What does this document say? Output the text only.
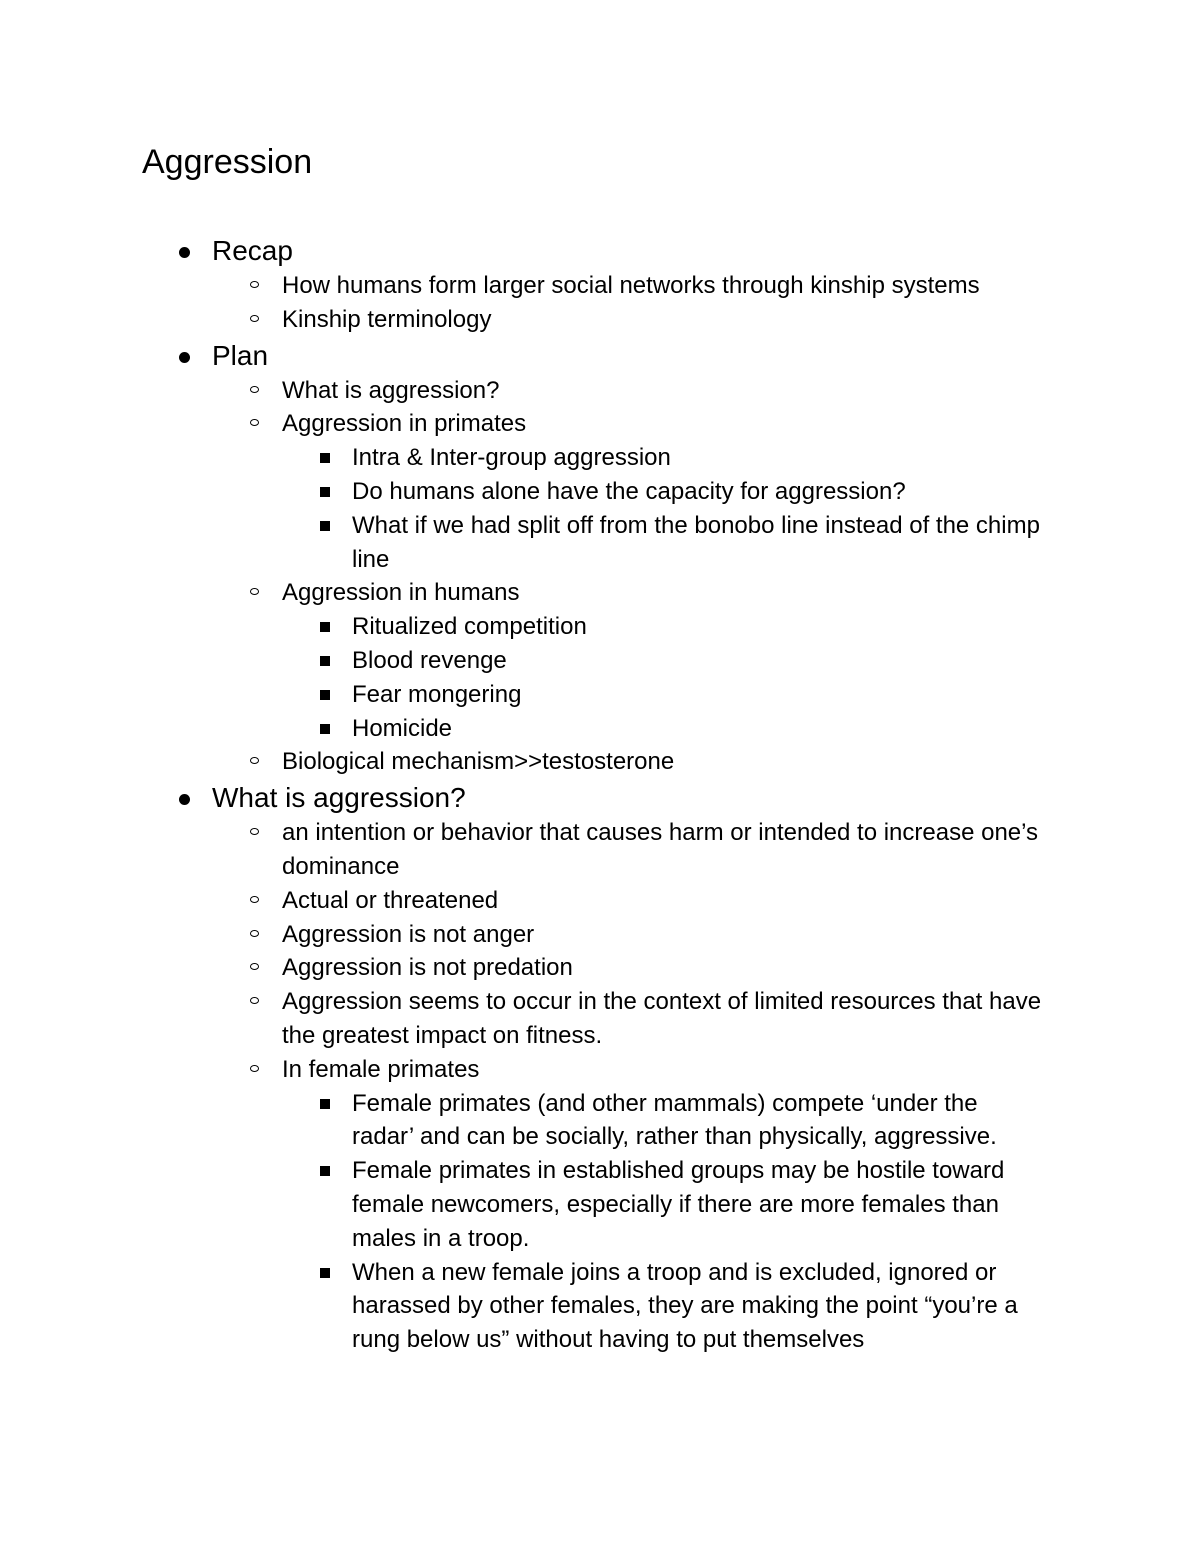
Aggression
Recap
How humans form larger social networks through kinship systems
Kinship terminology
Plan
What is aggression?
Aggression in primates
Intra & Inter-group aggression
Do humans alone have the capacity for aggression?
What if we had split off from the bonobo line instead of the chimp line
Aggression in humans
Ritualized competition
Blood revenge
Fear mongering
Homicide
Biological mechanism>>testosterone
What is aggression?
an intention or behavior that causes harm or intended to increase one’s dominance
Actual or threatened
Aggression is not anger
Aggression is not predation
Aggression seems to occur in the context of limited resources that have the greatest impact on fitness.
In female primates
Female primates (and other mammals) compete ‘under the radar’ and can be socially, rather than physically, aggressive.
Female primates in established groups may be hostile toward female newcomers, especially if there are more females than males in a troop.
When a new female joins a troop and is excluded, ignored or harassed by other females, they are making the point “you’re a rung below us” without having to put themselves
